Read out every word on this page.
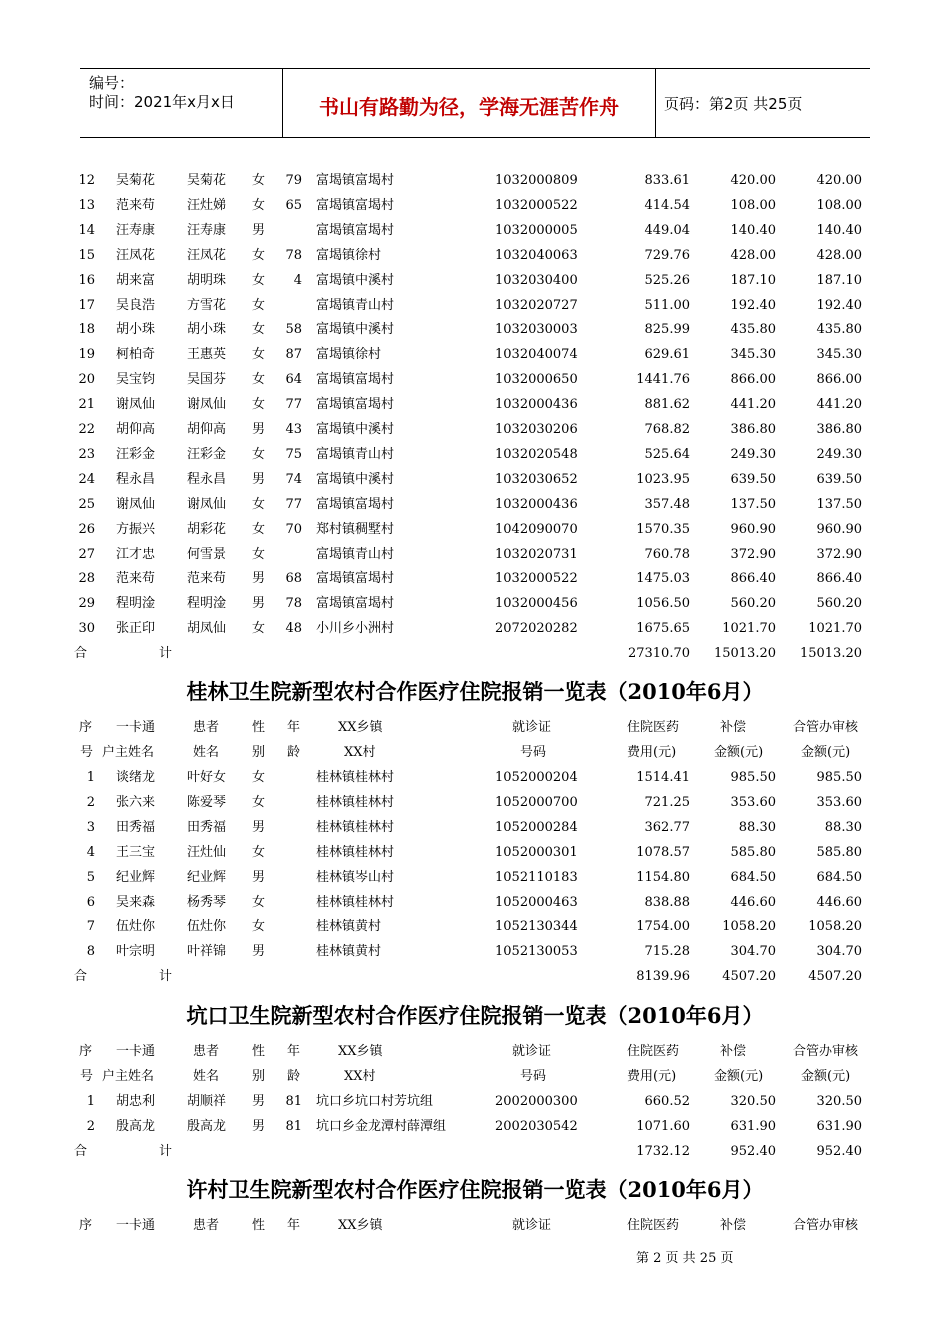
编号：
时间：2021年x月x日	书山有路勤为径，学海无涯苦作舟	页码：第2页 共25页
12 吴菊花	吴菊花	女	79 富堨镇富堨村	1032000809	833.61	420.00	420.00
13 范来苟	汪灶娣	女	65 富堨镇富堨村	1032000522	414.54	108.00	108.00
14 汪寿康	汪寿康	男	富堨镇富堨村	1032000005	449.04	140.40	140.40
15 汪凤花	汪凤花	女	78 富堨镇徐村	1032040063	729.76	428.00	428.00
16 胡来富	胡明珠	女	4 富堨镇中溪村	1032030400	525.26	187.10	187.10
17 吴良浩	方雪花	女	富堨镇青山村	1032020727	511.00	192.40	192.40
18 胡小珠	胡小珠	女	58 富堨镇中溪村	1032030003	825.99	435.80	435.80
19 柯柏奇	王惠英	女	87 富堨镇徐村	1032040074	629.61	345.30	345.30
20 吴宝钧	吴国芬	女	64 富堨镇富堨村	1032000650	1441.76	866.00	866.00
21 谢凤仙	谢凤仙	女	77 富堨镇富堨村	1032000436	881.62	441.20	441.20
22 胡仰高	胡仰高	男	43 富堨镇中溪村	1032030206	768.82	386.80	386.80
23 汪彩金	汪彩金	女	75 富堨镇青山村	1032020548	525.64	249.30	249.30
24 程永昌	程永昌	男	74 富堨镇中溪村	1032030652	1023.95	639.50	639.50
25 谢凤仙	谢凤仙	女	77 富堨镇富堨村	1032000436	357.48	137.50	137.50
26 方振兴	胡彩花	女	70 郑村镇稠墅村	1042090070	1570.35	960.90	960.90
27 江才忠	何雪景	女	富堨镇青山村	1032020731	760.78	372.90	372.90
28 范来苟	范来苟	男	68 富堨镇富堨村	1032000522	1475.03	866.40	866.40
29 程明淦	程明淦	男	78 富堨镇富堨村	1032000456	1056.50	560.20	560.20
30 张正印	胡凤仙	女	48 小川乡小洲村	2072020282	1675.65	1021.70	1021.70
合	计	27310.70	15013.20	15013.20
桂林卫生院新型农村合作医疗住院报销一览表（2010年6月）
序 一卡通	患者	性 年	XX乡镇	就诊证	住院医药	补偿	合管办审核
号 户主姓名	姓名	别 龄	XX村	号码	费用(元)	金额(元)	金额(元)
1 谈绪龙	叶好女	女	桂林镇桂林村	1052000204	1514.41	985.50	985.50
2 张六来	陈爱琴	女	桂林镇桂林村	1052000700	721.25	353.60	353.60
3 田秀福	田秀福	男	桂林镇桂林村	1052000284	362.77	88.30	88.30
4 王三宝	汪灶仙	女	桂林镇桂林村	1052000301	1078.57	585.80	585.80
5 纪业辉	纪业辉	男	桂林镇岑山村	1052110183	1154.80	684.50	684.50
6 吴来森	杨秀琴	女	桂林镇桂林村	1052000463	838.88	446.60	446.60
7 伍灶你	伍灶你	女	桂林镇黄村	1052130344	1754.00	1058.20	1058.20
8 叶宗明	叶祥锦	男	桂林镇黄村	1052130053	715.28	304.70	304.70
合	计	8139.96	4507.20	4507.20
坑口卫生院新型农村合作医疗住院报销一览表（2010年6月）
序 一卡通	患者	性 年	XX乡镇	就诊证	住院医药	补偿	合管办审核
号 户主姓名	姓名	别 龄	XX村	号码	费用(元)	金额(元)	金额(元)
1 胡忠利	胡顺祥	男	81 坑口乡坑口村芳坑组	2002000300	660.52	320.50	320.50
2 殷高龙	殷高龙	男	81 坑口乡金龙潭村薛潭组	2002030542	1071.60	631.90	631.90
合	计	1732.12	952.40	952.40
许村卫生院新型农村合作医疗住院报销一览表（2010年6月）
序 一卡通	患者	性 年	XX乡镇	就诊证	住院医药	补偿	合管办审核
第 2 页 共 25 页
